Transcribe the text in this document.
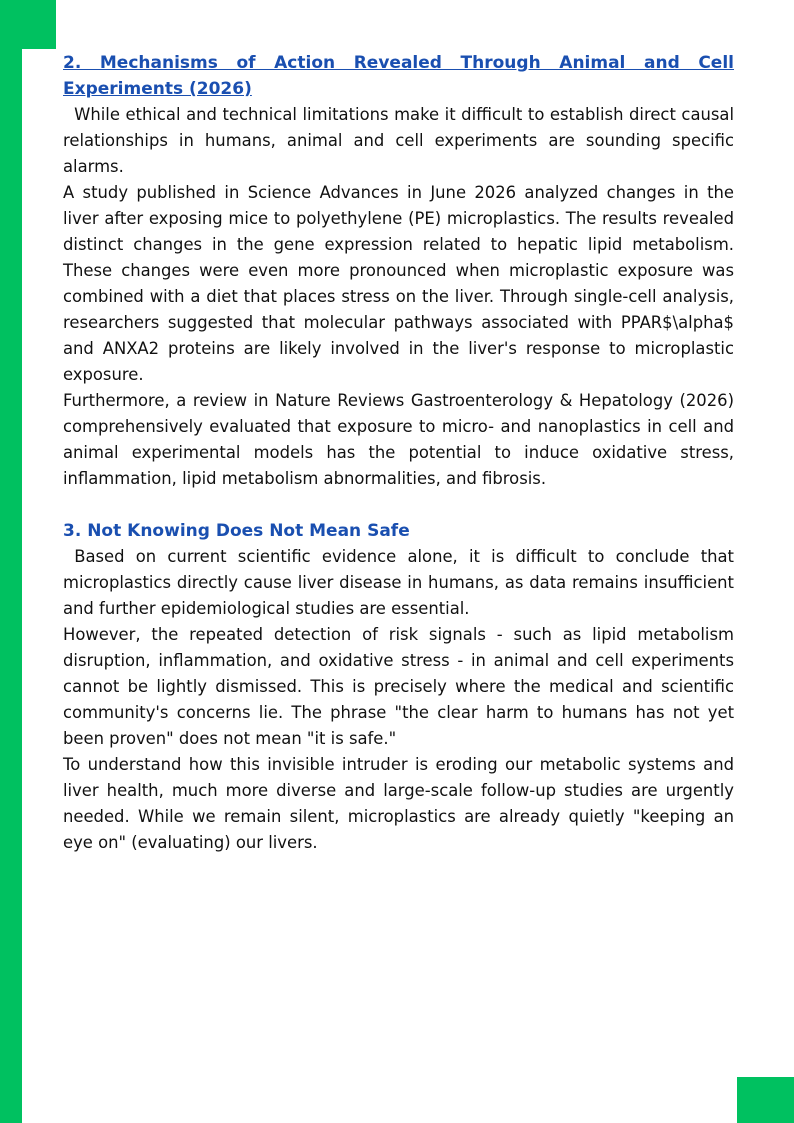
2. Mechanisms of Action Revealed Through Animal and Cell Experiments (2026)

While ethical and technical limitations make it difficult to establish direct causal relationships in humans, animal and cell experiments are sounding specific alarms.

A study published in Science Advances in June 2026 analyzed changes in the liver after exposing mice to polyethylene (PE) microplastics. The results revealed distinct changes in the gene expression related to hepatic lipid metabolism. These changes were even more pronounced when microplastic exposure was combined with a diet that places stress on the liver. Through single-cell analysis, researchers suggested that molecular pathways associated with PPAR$\alpha$ and ANXA2 proteins are likely involved in the liver's response to microplastic exposure.

Furthermore, a review in Nature Reviews Gastroenterology & Hepatology (2026) comprehensively evaluated that exposure to micro- and nanoplastics in cell and animal experimental models has the potential to induce oxidative stress, inflammation, lipid metabolism abnormalities, and fibrosis.

3. Not Knowing Does Not Mean Safe

Based on current scientific evidence alone, it is difficult to conclude that microplastics directly cause liver disease in humans, as data remains insufficient and further epidemiological studies are essential.

However, the repeated detection of risk signals - such as lipid metabolism disruption, inflammation, and oxidative stress - in animal and cell experiments cannot be lightly dismissed. This is precisely where the medical and scientific community's concerns lie. The phrase "the clear harm to humans has not yet been proven" does not mean "it is safe."

To understand how this invisible intruder is eroding our metabolic systems and liver health, much more diverse and large-scale follow-up studies are urgently needed. While we remain silent, microplastics are already quietly "keeping an eye on" (evaluating) our livers.
